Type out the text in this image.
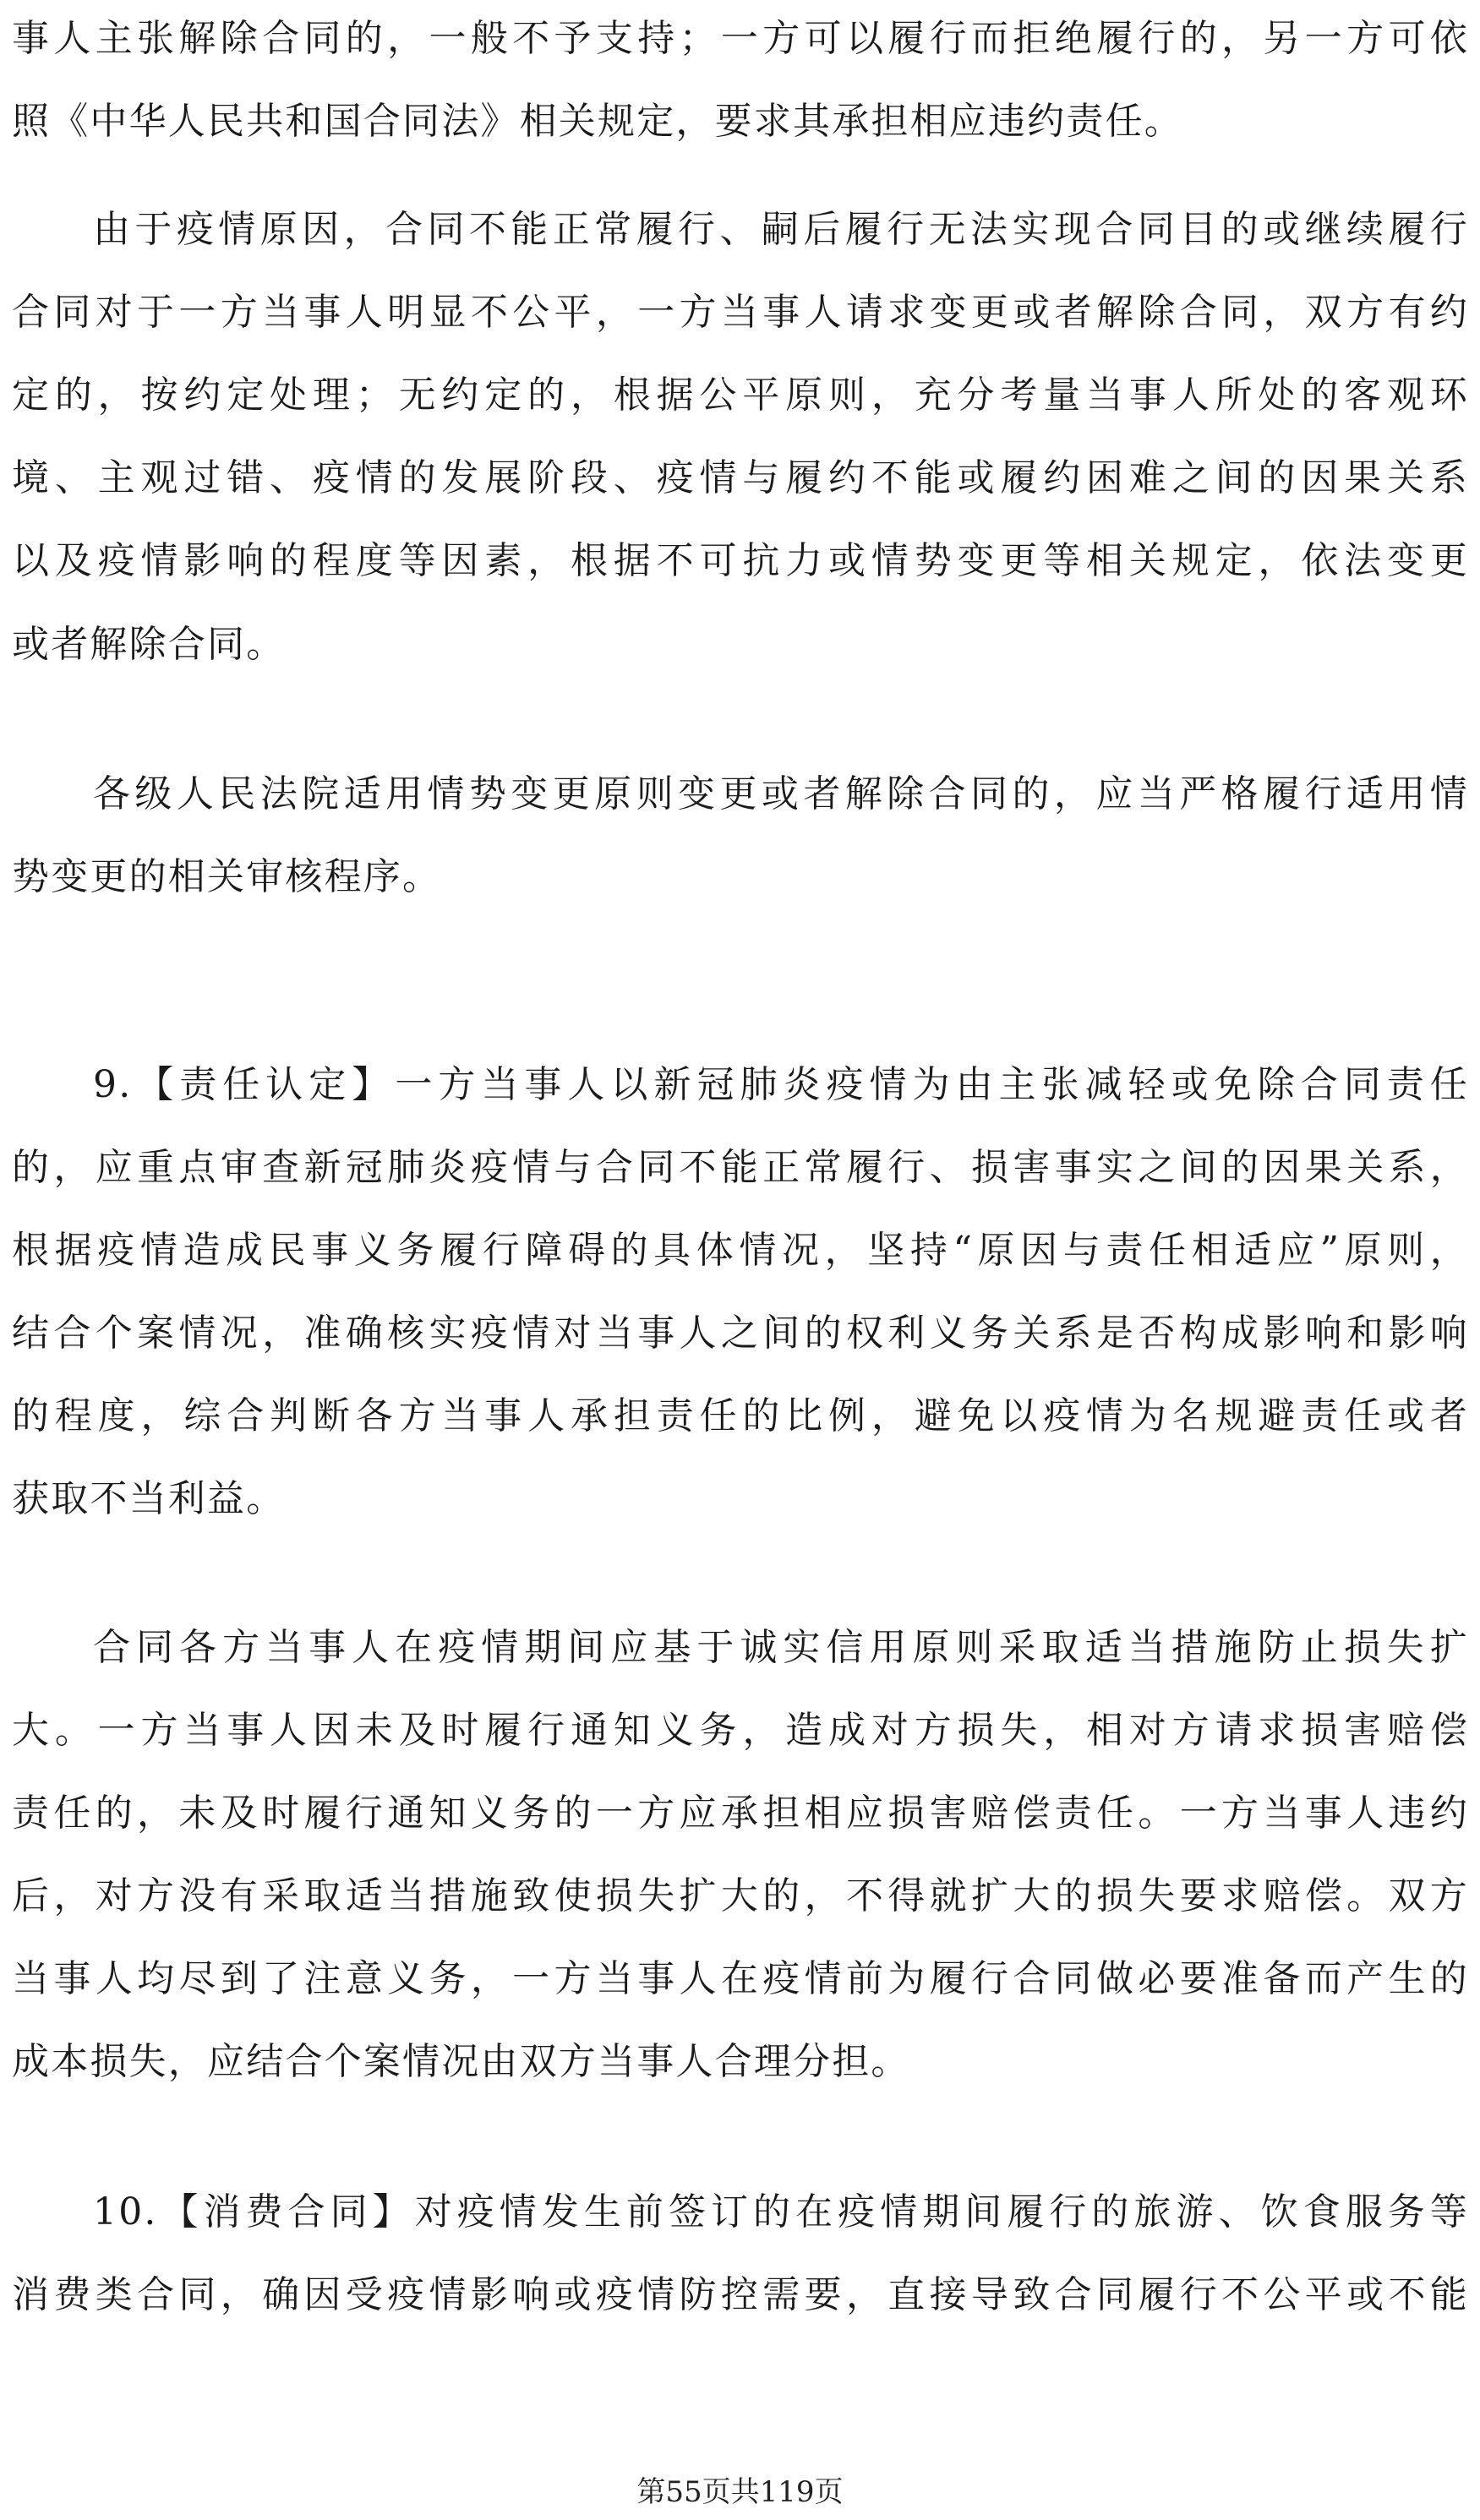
事人主张解除合同的，一般不予支持；一方可以履行而拒绝履行的，另一方可依
照《中华人民共和国合同法》相关规定，要求其承担相应违约责任。
由于疫情原因，合同不能正常履行、嗣后履行无法实现合同目的或继续履行
合同对于一方当事人明显不公平，一方当事人请求变更或者解除合同，双方有约
定的，按约定处理；无约定的，根据公平原则，充分考量当事人所处的客观环
境、主观过错、疫情的发展阶段、疫情与履约不能或履约困难之间的因果关系
以及疫情影响的程度等因素，根据不可抗力或情势变更等相关规定，依法变更
或者解除合同。
各级人民法院适用情势变更原则变更或者解除合同的，应当严格履行适用情
势变更的相关审核程序。
9.【责任认定】一方当事人以新冠肺炎疫情为由主张减轻或免除合同责任
的，应重点审查新冠肺炎疫情与合同不能正常履行、损害事实之间的因果关系，
根据疫情造成民事义务履行障碍的具体情况，坚持“原因与责任相适应”原则，
结合个案情况，准确核实疫情对当事人之间的权利义务关系是否构成影响和影响
的程度，综合判断各方当事人承担责任的比例，避免以疫情为名规避责任或者
获取不当利益。
合同各方当事人在疫情期间应基于诚实信用原则采取适当措施防止损失扩
大。一方当事人因未及时履行通知义务，造成对方损失，相对方请求损害赔偿
责任的，未及时履行通知义务的一方应承担相应损害赔偿责任。一方当事人违约
后，对方没有采取适当措施致使损失扩大的，不得就扩大的损失要求赔偿。双方
当事人均尽到了注意义务，一方当事人在疫情前为履行合同做必要准备而产生的
成本损失，应结合个案情况由双方当事人合理分担。
10.【消费合同】对疫情发生前签订的在疫情期间履行的旅游、饮食服务等
消费类合同，确因受疫情影响或疫情防控需要，直接导致合同履行不公平或不能
第55页共119页
